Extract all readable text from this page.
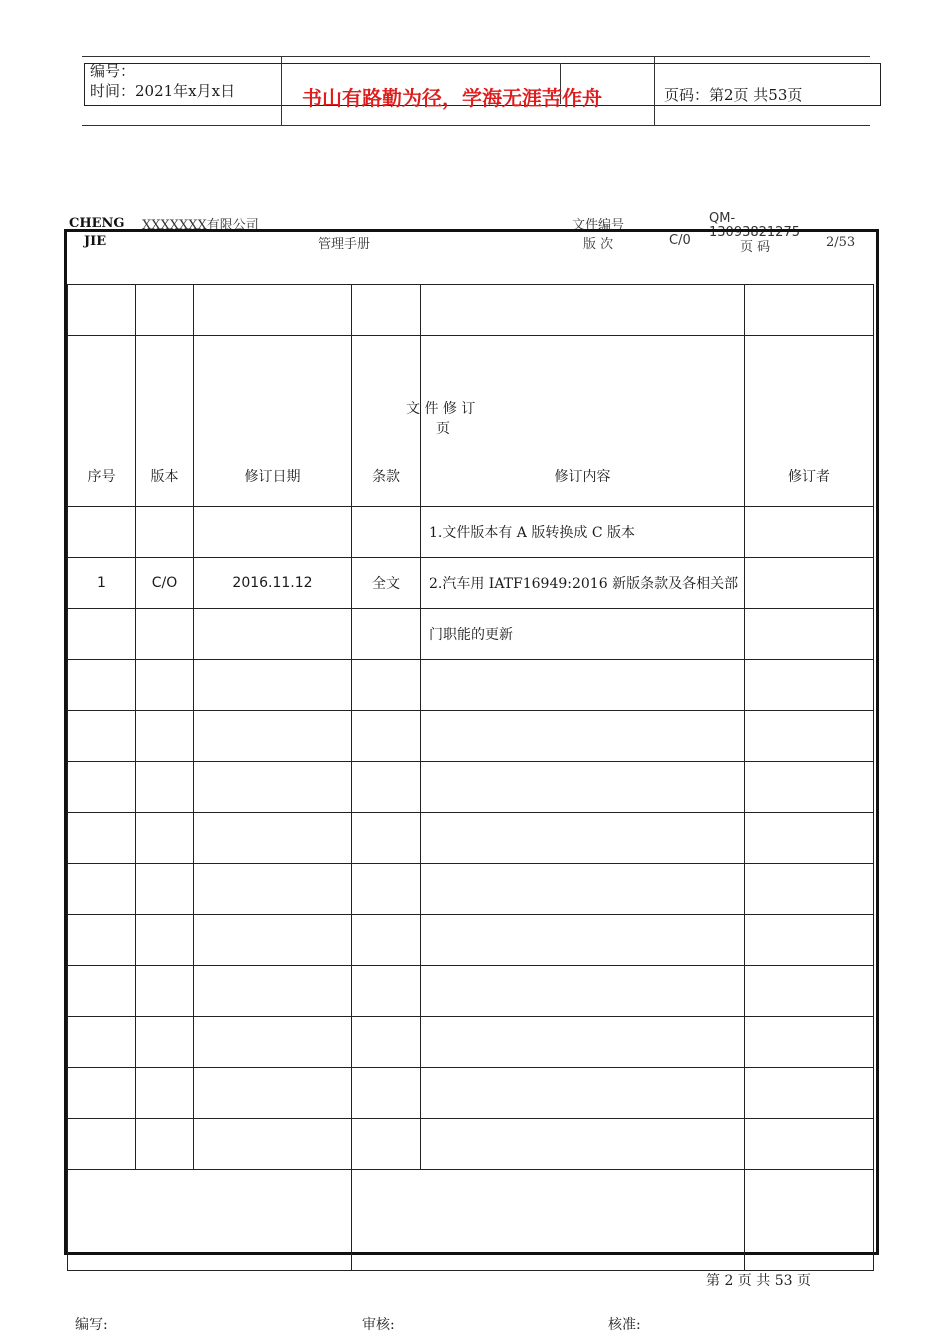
编号：
时间：2021年x月x日	书山有路勤为径，学海无涯苦作舟	页码：第2页 共53页
CHENG
JIE
XXXXXXX有限公司
管理手册
文件编号	QM-13093821275
版 次	C/0	页 码	2/53

序号	版本	修订日期	条款	修订内容	修订者
				1.文件版本有 A 版转换成 C 版本	
1	C/O	2016.11.12	全文	2.汽车用 IATF16949:2016 新版条款及各相关部	
				门职能的更新	

文 件 修 订
页
第 2 页 共 53 页
编写:	审核:	核准:
